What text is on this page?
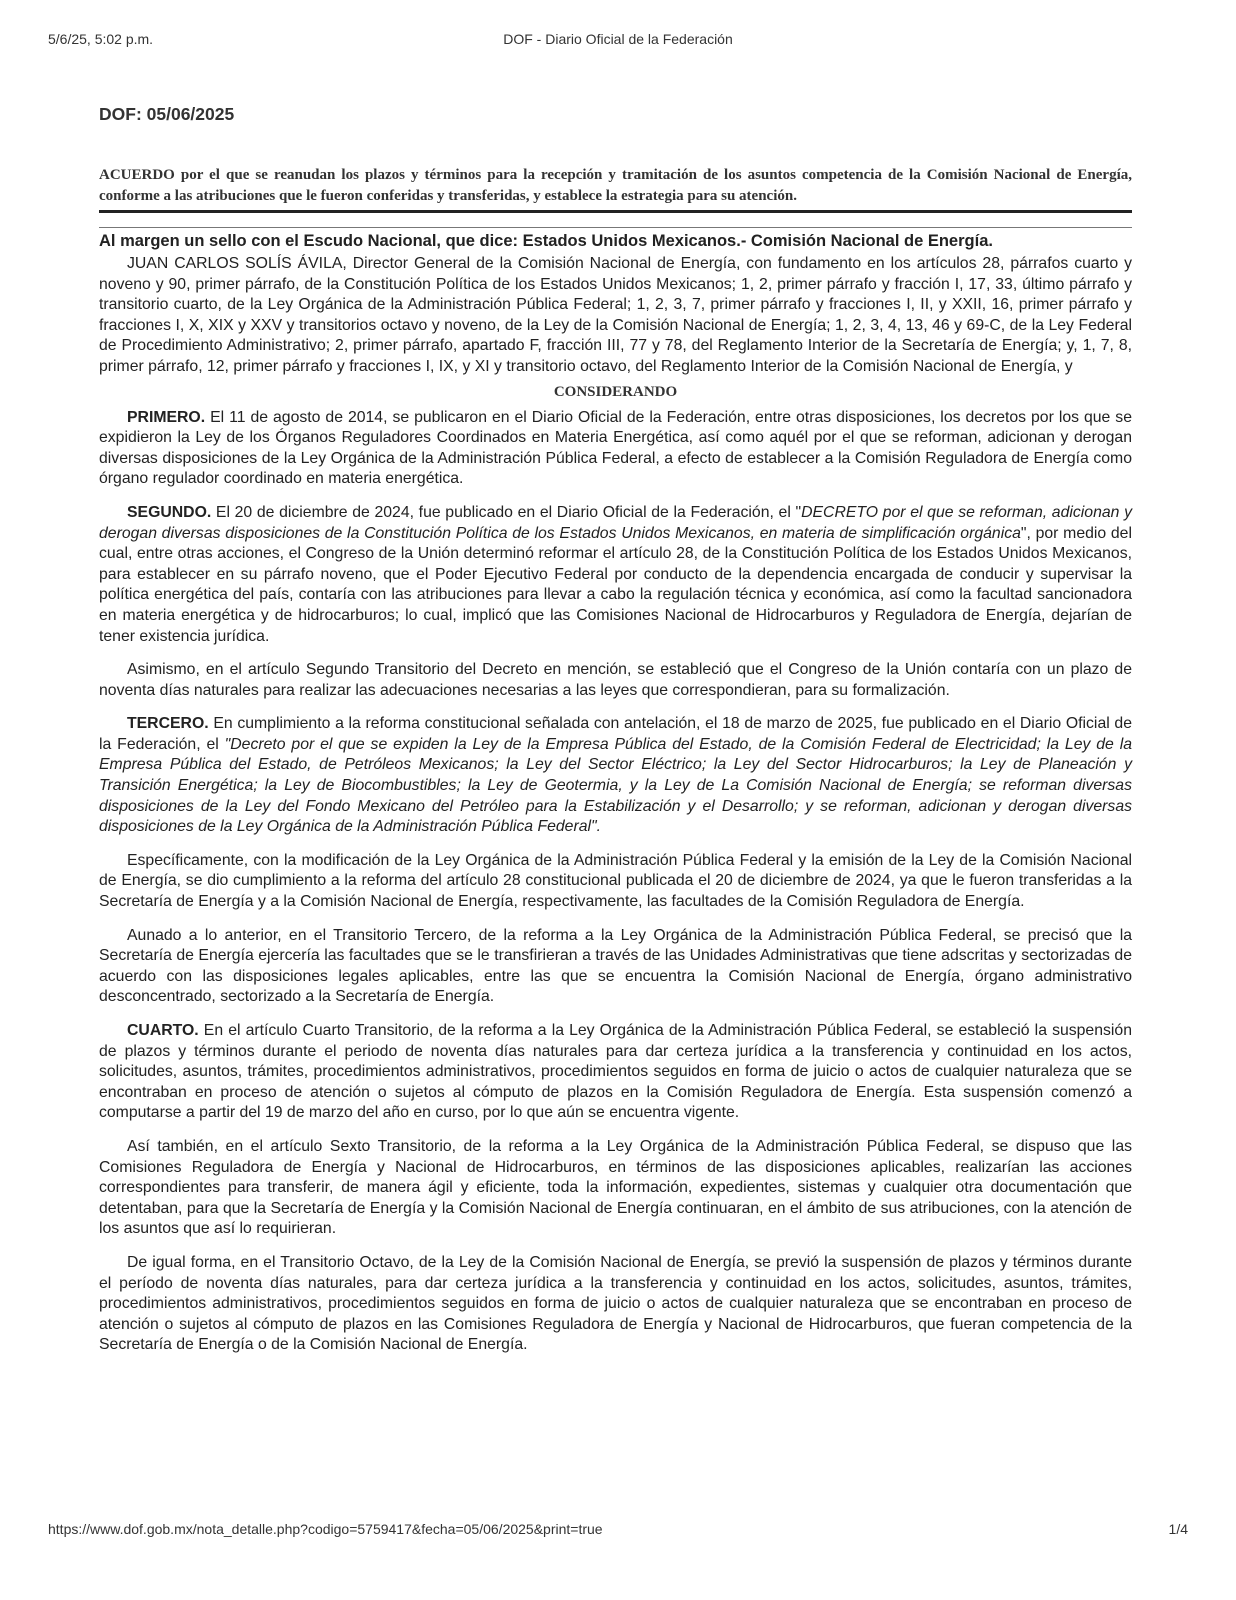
5/6/25, 5:02 p.m.	DOF - Diario Oficial de la Federación
DOF: 05/06/2025
ACUERDO por el que se reanudan los plazos y términos para la recepción y tramitación de los asuntos competencia de la Comisión Nacional de Energía, conforme a las atribuciones que le fueron conferidas y transferidas, y establece la estrategia para su atención.
Al margen un sello con el Escudo Nacional, que dice: Estados Unidos Mexicanos.- Comisión Nacional de Energía.

JUAN CARLOS SOLÍS ÁVILA, Director General de la Comisión Nacional de Energía, con fundamento en los artículos 28, párrafos cuarto y noveno y 90, primer párrafo, de la Constitución Política de los Estados Unidos Mexicanos; 1, 2, primer párrafo y fracción I, 17, 33, último párrafo y transitorio cuarto, de la Ley Orgánica de la Administración Pública Federal; 1, 2, 3, 7, primer párrafo y fracciones I, II, y XXII, 16, primer párrafo y fracciones I, X, XIX y XXV y transitorios octavo y noveno, de la Ley de la Comisión Nacional de Energía; 1, 2, 3, 4, 13, 46 y 69-C, de la Ley Federal de Procedimiento Administrativo; 2, primer párrafo, apartado F, fracción III, 77 y 78, del Reglamento Interior de la Secretaría de Energía; y, 1, 7, 8, primer párrafo, 12, primer párrafo y fracciones I, IX, y XI y transitorio octavo, del Reglamento Interior de la Comisión Nacional de Energía, y

CONSIDERANDO

PRIMERO. El 11 de agosto de 2014, se publicaron en el Diario Oficial de la Federación, entre otras disposiciones, los decretos por los que se expidieron la Ley de los Órganos Reguladores Coordinados en Materia Energética, así como aquél por el que se reforman, adicionan y derogan diversas disposiciones de la Ley Orgánica de la Administración Pública Federal, a efecto de establecer a la Comisión Reguladora de Energía como órgano regulador coordinado en materia energética.

SEGUNDO. El 20 de diciembre de 2024, fue publicado en el Diario Oficial de la Federación, el "DECRETO por el que se reforman, adicionan y derogan diversas disposiciones de la Constitución Política de los Estados Unidos Mexicanos, en materia de simplificación orgánica", por medio del cual, entre otras acciones, el Congreso de la Unión determinó reformar el artículo 28, de la Constitución Política de los Estados Unidos Mexicanos, para establecer en su párrafo noveno, que el Poder Ejecutivo Federal por conducto de la dependencia encargada de conducir y supervisar la política energética del país, contaría con las atribuciones para llevar a cabo la regulación técnica y económica, así como la facultad sancionadora en materia energética y de hidrocarburos; lo cual, implicó que las Comisiones Nacional de Hidrocarburos y Reguladora de Energía, dejarían de tener existencia jurídica.

Asimismo, en el artículo Segundo Transitorio del Decreto en mención, se estableció que el Congreso de la Unión contaría con un plazo de noventa días naturales para realizar las adecuaciones necesarias a las leyes que correspondieran, para su formalización.

TERCERO. En cumplimiento a la reforma constitucional señalada con antelación, el 18 de marzo de 2025, fue publicado en el Diario Oficial de la Federación, el "Decreto por el que se expiden la Ley de la Empresa Pública del Estado, de la Comisión Federal de Electricidad; la Ley de la Empresa Pública del Estado, de Petróleos Mexicanos; la Ley del Sector Eléctrico; la Ley del Sector Hidrocarburos; la Ley de Planeación y Transición Energética; la Ley de Biocombustibles; la Ley de Geotermia, y la Ley de La Comisión Nacional de Energía; se reforman diversas disposiciones de la Ley del Fondo Mexicano del Petróleo para la Estabilización y el Desarrollo; y se reforman, adicionan y derogan diversas disposiciones de la Ley Orgánica de la Administración Pública Federal".

Específicamente, con la modificación de la Ley Orgánica de la Administración Pública Federal y la emisión de la Ley de la Comisión Nacional de Energía, se dio cumplimiento a la reforma del artículo 28 constitucional publicada el 20 de diciembre de 2024, ya que le fueron transferidas a la Secretaría de Energía y a la Comisión Nacional de Energía, respectivamente, las facultades de la Comisión Reguladora de Energía.

Aunado a lo anterior, en el Transitorio Tercero, de la reforma a la Ley Orgánica de la Administración Pública Federal, se precisó que la Secretaría de Energía ejercería las facultades que se le transfirieran a través de las Unidades Administrativas que tiene adscritas y sectorizadas de acuerdo con las disposiciones legales aplicables, entre las que se encuentra la Comisión Nacional de Energía, órgano administrativo desconcentrado, sectorizado a la Secretaría de Energía.

CUARTO. En el artículo Cuarto Transitorio, de la reforma a la Ley Orgánica de la Administración Pública Federal, se estableció la suspensión de plazos y términos durante el periodo de noventa días naturales para dar certeza jurídica a la transferencia y continuidad en los actos, solicitudes, asuntos, trámites, procedimientos administrativos, procedimientos seguidos en forma de juicio o actos de cualquier naturaleza que se encontraban en proceso de atención o sujetos al cómputo de plazos en la Comisión Reguladora de Energía. Esta suspensión comenzó a computarse a partir del 19 de marzo del año en curso, por lo que aún se encuentra vigente.

Así también, en el artículo Sexto Transitorio, de la reforma a la Ley Orgánica de la Administración Pública Federal, se dispuso que las Comisiones Reguladora de Energía y Nacional de Hidrocarburos, en términos de las disposiciones aplicables, realizarían las acciones correspondientes para transferir, de manera ágil y eficiente, toda la información, expedientes, sistemas y cualquier otra documentación que detentaban, para que la Secretaría de Energía y la Comisión Nacional de Energía continuaran, en el ámbito de sus atribuciones, con la atención de los asuntos que así lo requirieran.

De igual forma, en el Transitorio Octavo, de la Ley de la Comisión Nacional de Energía, se previó la suspensión de plazos y términos durante el período de noventa días naturales, para dar certeza jurídica a la transferencia y continuidad en los actos, solicitudes, asuntos, trámites, procedimientos administrativos, procedimientos seguidos en forma de juicio o actos de cualquier naturaleza que se encontraban en proceso de atención o sujetos al cómputo de plazos en las Comisiones Reguladora de Energía y Nacional de Hidrocarburos, que fueran competencia de la Secretaría de Energía o de la Comisión Nacional de Energía.

https://www.dof.gob.mx/nota_detalle.php?codigo=5759417&fecha=05/06/2025&print=true	1/4
